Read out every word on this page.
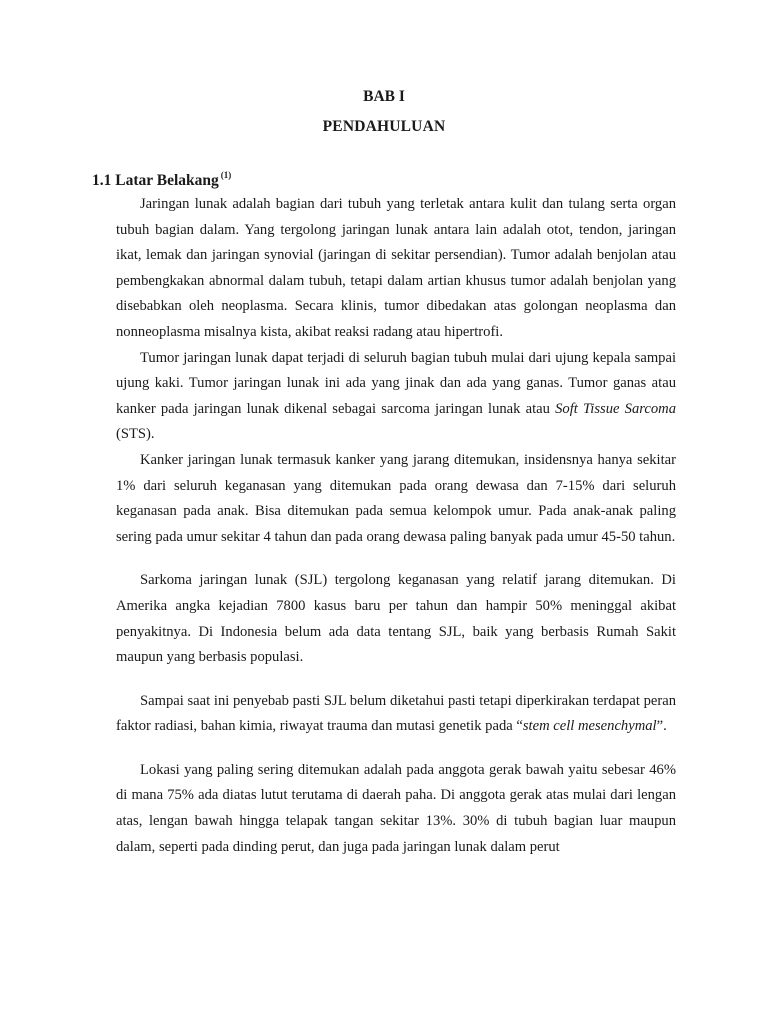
BAB I
PENDAHULUAN
1.1 Latar Belakang $^{(1)}$

Jaringan lunak adalah bagian dari tubuh yang terletak antara kulit dan tulang serta organ tubuh bagian dalam. Yang tergolong jaringan lunak antara lain adalah otot, tendon, jaringan ikat, lemak dan jaringan synovial (jaringan di sekitar persendian). Tumor adalah benjolan atau pembengkakan abnormal dalam tubuh, tetapi dalam artian khusus tumor adalah benjolan yang disebabkan oleh neoplasma. Secara klinis, tumor dibedakan atas golongan neoplasma dan nonneoplasma misalnya kista, akibat reaksi radang atau hipertrofi.

Tumor jaringan lunak dapat terjadi di seluruh bagian tubuh mulai dari ujung kepala sampai ujung kaki. Tumor jaringan lunak ini ada yang jinak dan ada yang ganas. Tumor ganas atau kanker pada jaringan lunak dikenal sebagai sarcoma jaringan lunak atau Soft Tissue Sarcoma (STS).

Kanker jaringan lunak termasuk kanker yang jarang ditemukan, insidensnya hanya sekitar 1% dari seluruh keganasan yang ditemukan pada orang dewasa dan 7-15% dari seluruh keganasan pada anak. Bisa ditemukan pada semua kelompok umur. Pada anak-anak paling sering pada umur sekitar 4 tahun dan pada orang dewasa paling banyak pada umur 45-50 tahun.

Sarkoma jaringan lunak (SJL) tergolong keganasan yang relatif jarang ditemukan. Di Amerika angka kejadian 7800 kasus baru per tahun dan hampir 50% meninggal akibat penyakitnya. Di Indonesia belum ada data tentang SJL, baik yang berbasis Rumah Sakit maupun yang berbasis populasi.

Sampai saat ini penyebab pasti SJL belum diketahui pasti tetapi diperkirakan terdapat peran faktor radiasi, bahan kimia, riwayat trauma dan mutasi genetik pada “stem cell mesenchymal”.

Lokasi yang paling sering ditemukan adalah pada anggota gerak bawah yaitu sebesar 46% di mana 75% ada diatas lutut terutama di daerah paha. Di anggota gerak atas mulai dari lengan atas, lengan bawah hingga telapak tangan sekitar 13%. 30% di tubuh bagian luar maupun dalam, seperti pada dinding perut, dan juga pada jaringan lunak dalam perut
